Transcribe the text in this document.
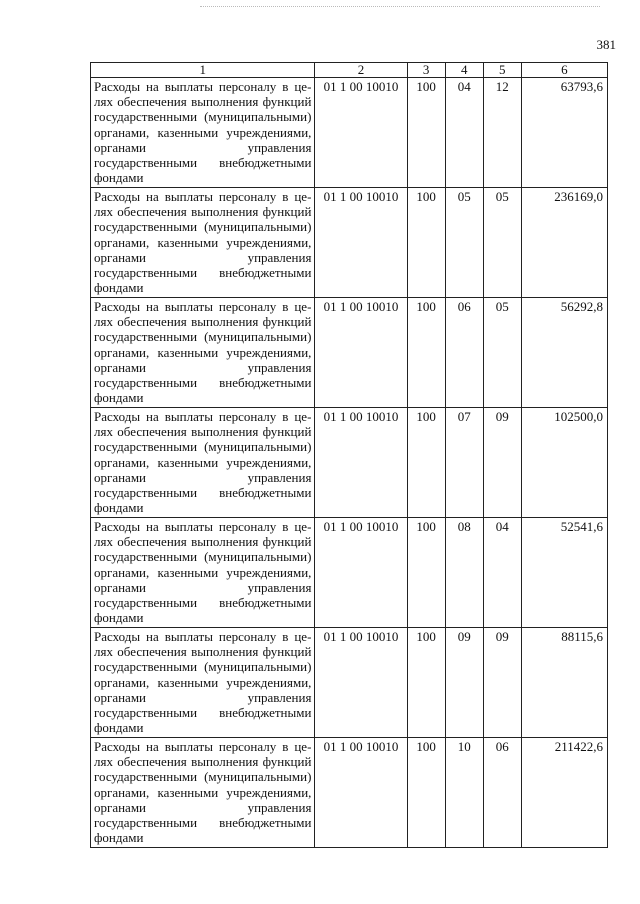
381
1	2	3	4	5	6
Расходы на выплаты персоналу в целях обеспечения выполнения функций государственными (муниципальными) органами, казенными учреждениями, органами управления государственными внебюджетными фондами	01 1 00 10010	100	04	12	63793,6
Расходы на выплаты персоналу в целях обеспечения выполнения функций государственными (муниципальными) органами, казенными учреждениями, органами управления государственными внебюджетными фондами	01 1 00 10010	100	05	05	236169,0
Расходы на выплаты персоналу в целях обеспечения выполнения функций государственными (муниципальными) органами, казенными учреждениями, органами управления государственными внебюджетными фондами	01 1 00 10010	100	06	05	56292,8
Расходы на выплаты персоналу в целях обеспечения выполнения функций государственными (муниципальными) органами, казенными учреждениями, органами управления государственными внебюджетными фондами	01 1 00 10010	100	07	09	102500,0
Расходы на выплаты персоналу в целях обеспечения выполнения функций государственными (муниципальными) органами, казенными учреждениями, органами управления государственными внебюджетными фондами	01 1 00 10010	100	08	04	52541,6
Расходы на выплаты персоналу в целях обеспечения выполнения функций государственными (муниципальными) органами, казенными учреждениями, органами управления государственными внебюджетными фондами	01 1 00 10010	100	09	09	88115,6
Расходы на выплаты персоналу в целях обеспечения выполнения функций государственными (муниципальными) органами, казенными учреждениями, органами управления государственными внебюджетными фондами	01 1 00 10010	100	10	06	211422,6
